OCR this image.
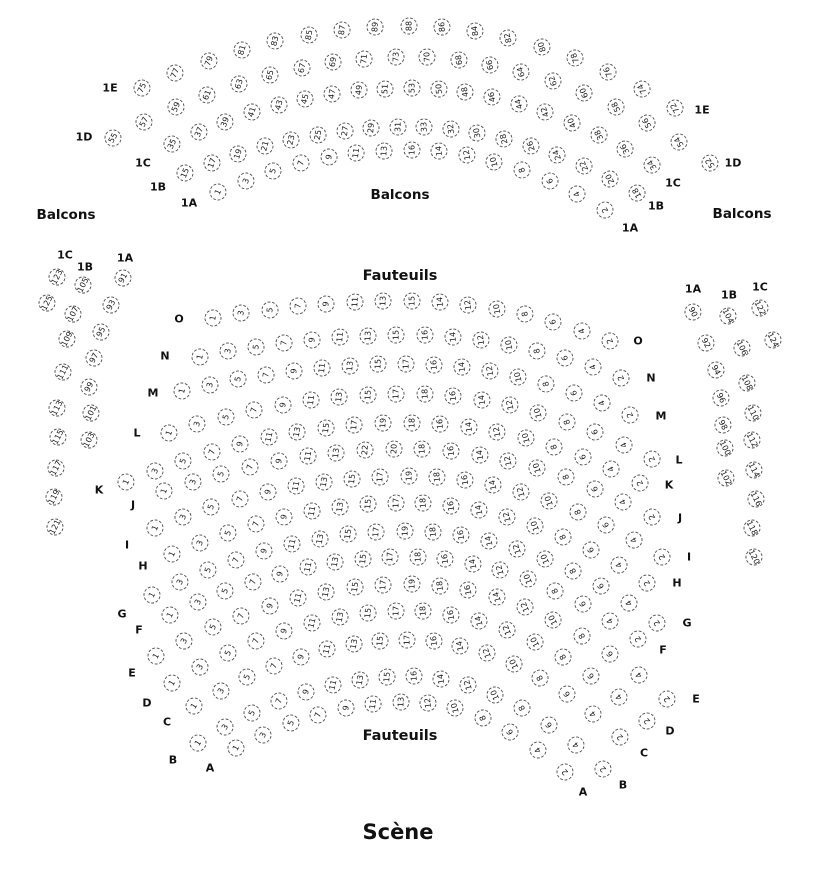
Balcons
Balcons
Balcons
Fauteuils
Fauteuils
Scène
1
3
5
7
9	11	13	16	14	12
10
8
6
4
2
1A
1A
15
17
19
21
23	25	27	29	31	33	32	30	28
26
24
22
20
18
1B
1B
35
37
39
41
43
45	47	49	51	53	50	48	46
44
42
40
38
36
34
1C
1C
55
57
59
61
63
65
67	69	71	73	70	68	66
64
62
60
58
56
54
52
1D
1D
75
77
79
81
83
85	87	89	88	86	84
82
80
78
76
74
72
1E
1E
1
3
5
7	9	11	13	15	14	12	10	8
6
4
2
O
O
1
3
5
7
9	11	13	15	16	14	12	10
8
6
4
2
N
N
1
3
5
7
9	11	13	15	17	16	14	12	10
8
6
4
2
M
M
1
3
5
7
9	11	13	15	17	18	16	14	12
10
8
6
4
2
L
L
1
3
5
7
9
11	13	15	17	19	18	16	14	12
10
8
6
4
2
K	K
1
3
5
7
9	11	13	22	20	18	16	14	12
10
8
6
4
2
J
J
1
3
5
7
9	11	13	15	17	19	18	16	14
12
10
8
6
4
2
I
I
1
3
5
7
9	11	13	15	17	18	16	14
12
10
8
6
4
2
H
H
1
3
5
7
9
11	13	15	17	19	18	16	14
12
10
8
6
4
2
G
G
1
3
5
7
9
11	13	15	17	18	16	14
12
10
8
6
4
2
F
F
1
3
5
7
9
11
13	15	17	19	18	16
14
12
10
8
6
4
2
E
E
1
3
5
7
9
11	13	15	17	18	16
14
12
10
8
6
4
2
D
D
1
3
5
7
9
11	13	15	17	16	14
12
10
8
6
4
2
C
C
1
3
5
7
9
11	13	15	16	14	12
10
8
6
4
2
B
B
1
3
5
7
9	11	13	12	10
8
6
4
2
A
A
91
93
95
97
99
101
103
1A
105
107
109
111
113
115
117
119
121
1B
123
125
1C
90
92
94
96
98
100
102
1A
104
106
108
110
112
114
116
118
120
1B
122
124
1C
